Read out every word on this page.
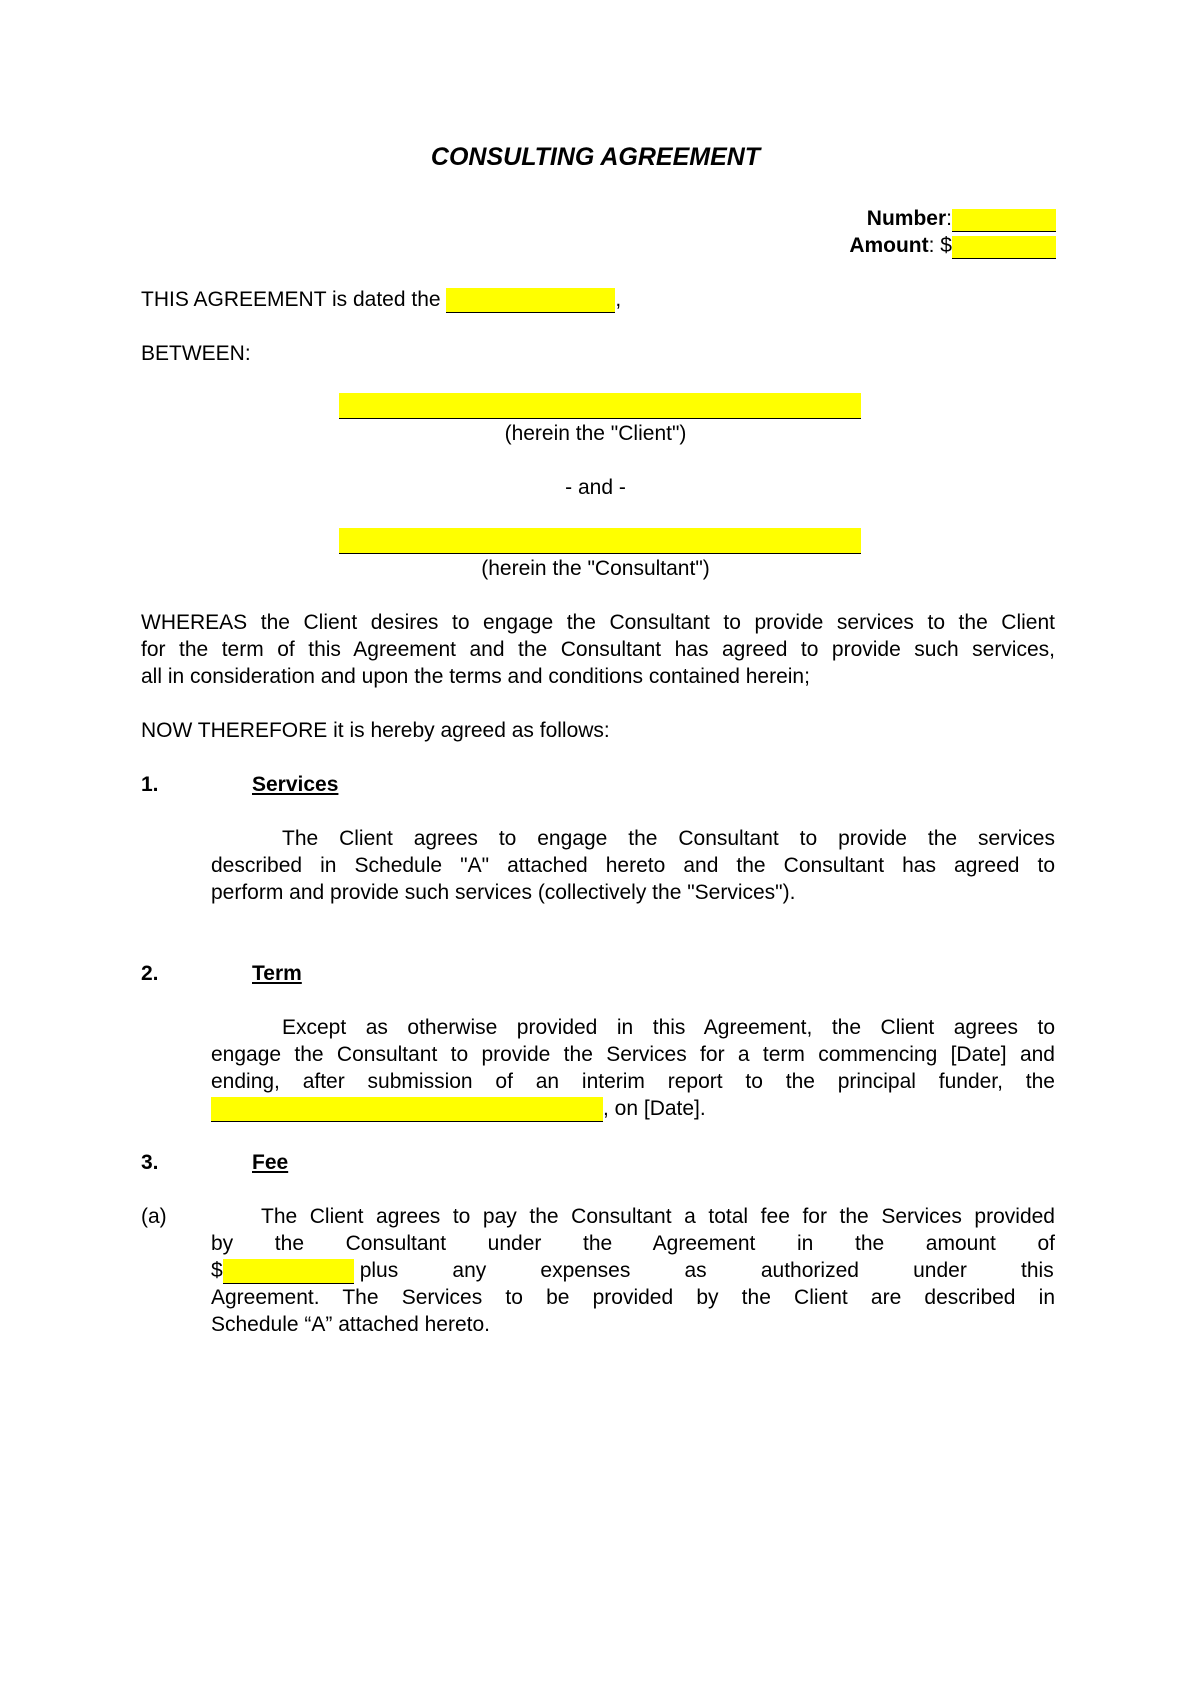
CONSULTING AGREEMENT
Number:
Amount: $
THIS AGREEMENT is dated the	,
BETWEEN:
(herein the "Client")
- and -
(herein the "Consultant")
WHEREAS the Client desires to engage the Consultant to provide services to the Client
for the term of this Agreement and the Consultant has agreed to provide such services,
all in consideration and upon the terms and conditions contained herein;
NOW THEREFORE it is hereby agreed as follows:
1.	Services
The Client agrees to engage the Consultant to provide the services
described in Schedule "A" attached hereto and the Consultant has agreed to
perform and provide such services (collectively the "Services").
2.	Term
Except as otherwise provided in this Agreement, the Client agrees to
engage the Consultant to provide the Services for a term commencing [Date] and
ending, after submission of an interim report to the principal funder, the
, on [Date].
3.	Fee
(a)	The Client agrees to pay the Consultant a total fee for the Services provided
by the Consultant under the Agreement in the amount of
$	plus any expenses as authorized under this
Agreement. The Services to be provided by the Client are described in
Schedule “A” attached hereto.
